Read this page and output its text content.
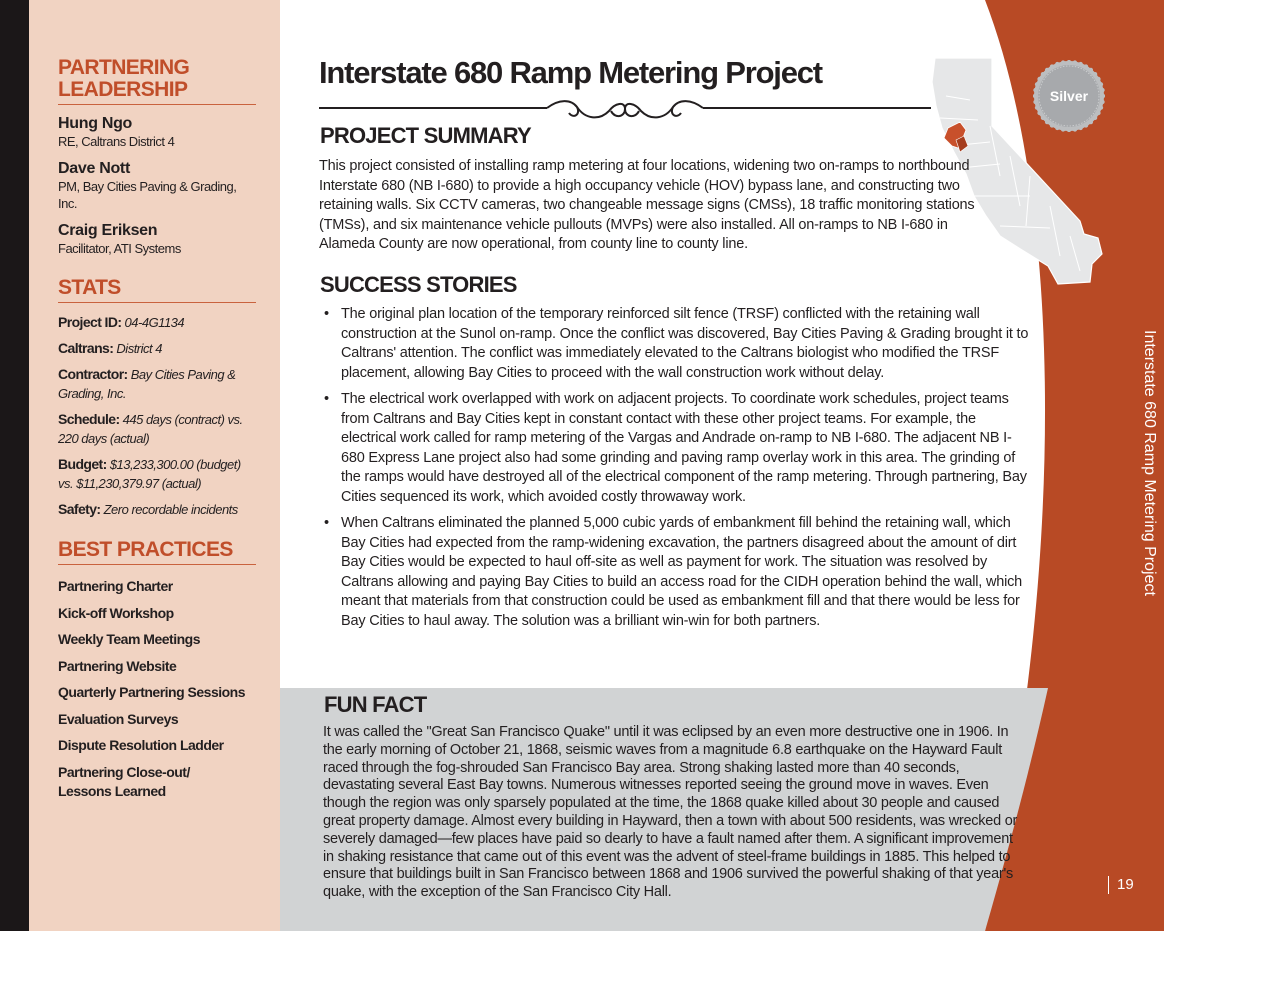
PARTNERING
LEADERSHIP
Hung Ngo
RE, Caltrans District 4
Dave Nott
PM, Bay Cities Paving & Grading, Inc.
Craig Eriksen
Facilitator, ATI Systems
STATS
Project ID: 04-4G1134
Caltrans: District 4
Contractor: Bay Cities Paving & Grading, Inc.
Schedule: 445 days (contract) vs. 220 days (actual)
Budget: $13,233,300.00 (budget) vs. $11,230,379.97 (actual)
Safety: Zero recordable incidents
BEST PRACTICES
Partnering Charter
Kick-off Workshop
Weekly Team Meetings
Partnering Website
Quarterly Partnering Sessions
Evaluation Surveys
Dispute Resolution Ladder
Partnering Close-out/ Lessons Learned
Silver
Interstate 680 Ramp Metering Project
PROJECT SUMMARY
This project consisted of installing ramp metering at four locations, widening two on-ramps to northbound Interstate 680 (NB I-680) to provide a high occupancy vehicle (HOV) bypass lane, and constructing two retaining walls. Six CCTV cameras, two changeable message signs (CMSs), 18 traffic monitoring stations (TMSs), and six maintenance vehicle pullouts (MVPs) were also installed. All on-ramps to NB I-680 in Alameda County are now operational, from county line to county line.
SUCCESS STORIES
• The original plan location of the temporary reinforced silt fence (TRSF) conflicted with the retaining wall construction at the Sunol on-ramp. Once the conflict was discovered, Bay Cities Paving & Grading brought it to Caltrans' attention. The conflict was immediately elevated to the Caltrans biologist who modified the TRSF placement, allowing Bay Cities to proceed with the wall construction work without delay.
• The electrical work overlapped with work on adjacent projects. To coordinate work schedules, project teams from Caltrans and Bay Cities kept in constant contact with these other project teams. For example, the electrical work called for ramp metering of the Vargas and Andrade on-ramp to NB I-680. The adjacent NB I-680 Express Lane project also had some grinding and paving ramp overlay work in this area. The grinding of the ramps would have destroyed all of the electrical component of the ramp metering. Through partnering, Bay Cities sequenced its work, which avoided costly throwaway work.
• When Caltrans eliminated the planned 5,000 cubic yards of embankment fill behind the retaining wall, which Bay Cities had expected from the ramp-widening excavation, the partners disagreed about the amount of dirt Bay Cities would be expected to haul off-site as well as payment for work. The situation was resolved by Caltrans allowing and paying Bay Cities to build an access road for the CIDH operation behind the wall, which meant that materials from that construction could be used as embankment fill and that there would be less for Bay Cities to haul away. The solution was a brilliant win-win for both partners.
FUN FACT
It was called the "Great San Francisco Quake" until it was eclipsed by an even more destructive one in 1906. In the early morning of October 21, 1868, seismic waves from a magnitude 6.8 earthquake on the Hayward Fault raced through the fog-shrouded San Francisco Bay area. Strong shaking lasted more than 40 seconds, devastating several East Bay towns. Numerous witnesses reported seeing the ground move in waves. Even though the region was only sparsely populated at the time, the 1868 quake killed about 30 people and caused great property damage. Almost every building in Hayward, then a town with about 500 residents, was wrecked or severely damaged—few places have paid so dearly to have a fault named after them. A significant improvement in shaking resistance that came out of this event was the advent of steel-frame buildings in 1885. This helped to ensure that buildings built in San Francisco between 1868 and 1906 survived the powerful shaking of that year's quake, with the exception of the San Francisco City Hall.
Interstate 680 Ramp Metering Project
19
